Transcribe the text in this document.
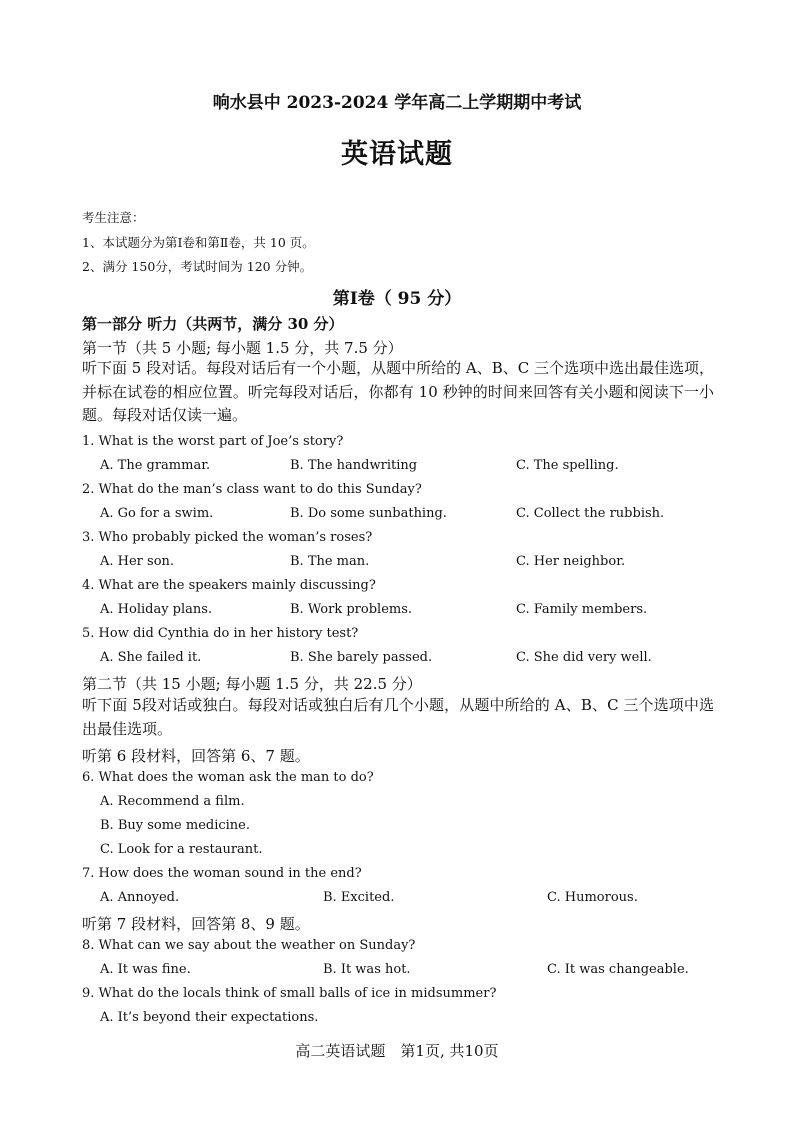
响水县中 2023-2024 学年高二上学期期中考试
英语试题
考生注意：
1、本试题分为第Ⅰ卷和第Ⅱ卷，共 10 页。
2、满分 150分，考试时间为 120 分钟。
第Ⅰ卷（ 95 分）
第一部分 听力（共两节，满分 30 分）
第一节（共 5 小题; 每小题 1.5 分，共 7.5 分）
听下面 5 段对话。每段对话后有一个小题，从题中所给的 A、B、C 三个选项中选出最佳选项，并标在试卷的相应位置。听完每段对话后，你都有 10 秒钟的时间来回答有关小题和阅读下一小题。每段对话仅读一遍。
1. What is the worst part of Joe’s story?
A. The grammar.	B. The handwriting	C. The spelling.
2. What do the man’s class want to do this Sunday?
A. Go for a swim.	B. Do some sunbathing.	C. Collect the rubbish.
3. Who probably picked the woman’s roses?
A. Her son.	B. The man.	C. Her neighbor.
4. What are the speakers mainly discussing?
A. Holiday plans.	B. Work problems.	C. Family members.
5. How did Cynthia do in her history test?
A. She failed it.	B. She barely passed.	C. She did very well.
第二节（共 15 小题; 每小题 1.5 分，共 22.5 分）
听下面 5段对话或独白。每段对话或独白后有几个小题，从题中所给的 A、B、C 三个选项中选出最佳选项。
听第 6 段材料，回答第 6、7 题。
6. What does the woman ask the man to do?
A. Recommend a film.
B. Buy some medicine.
C. Look for a restaurant.
7. How does the woman sound in the end?
A. Annoyed.	B. Excited.	C. Humorous.
听第 7 段材料，回答第 8、9 题。
8. What can we say about the weather on Sunday?
A. It was fine.	B. It was hot.	C. It was changeable.
9. What do the locals think of small balls of ice in midsummer?
A. It’s beyond their expectations.
高二英语试题　第1页, 共10页
